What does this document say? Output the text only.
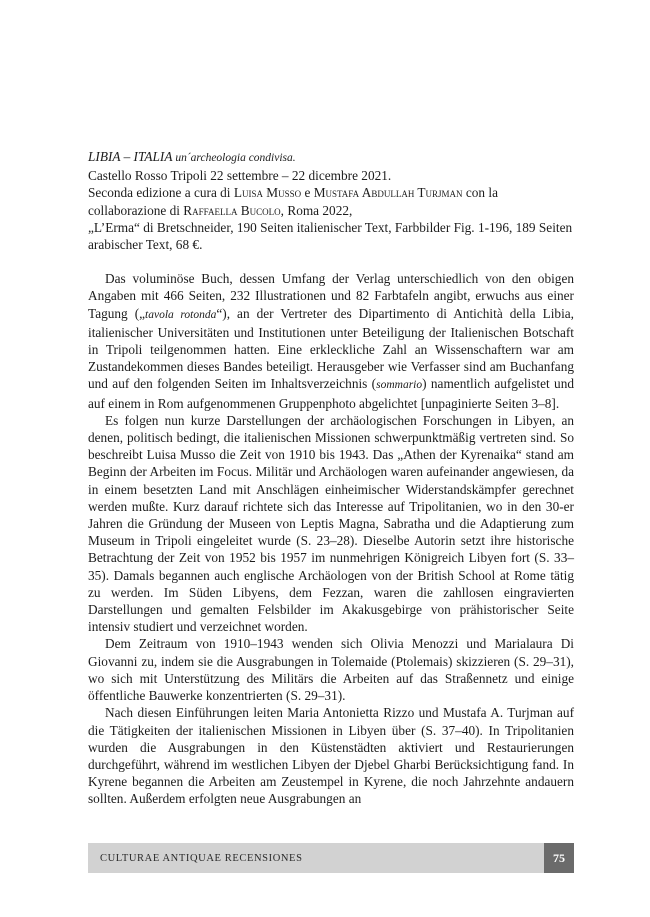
LIBIA – ITALIA un´archeologia condivisa.
Castello Rosso Tripoli 22 settembre – 22 dicembre 2021.
Seconda edizione a cura di Luisa Musso e Mustafa Abdullah Turjman con la collaborazione di Raffaella Bucolo, Roma 2022,
„L’Erma“ di Bretschneider, 190 Seiten italienischer Text, Farbbilder Fig. 1-196, 189 Seiten arabischer Text, 68 €.

Das voluminöse Buch, dessen Umfang der Verlag unterschiedlich von den obigen Angaben mit 466 Seiten, 232 Illustrationen und 82 Farbtafeln angibt, erwuchs aus einer Tagung („tavola rotonda“), an der Vertreter des Dipartimento di Antichità della Libia, italienischer Universitäten und Institutionen unter Beteiligung der Italienischen Botschaft in Tripoli teilgenommen hatten. Eine erkleckliche Zahl an Wissenschaftern war am Zustandekommen dieses Bandes beteiligt. Herausgeber wie Verfasser sind am Buchanfang und auf den folgenden Seiten im Inhaltsverzeichnis (sommario) namentlich aufgelistet und auf einem in Rom aufgenommenen Gruppenphoto abgelichtet [unpaginierte Seiten 3–8].

Es folgen nun kurze Darstellungen der archäologischen Forschungen in Libyen, an denen, politisch bedingt, die italienischen Missionen schwerpunktmäßig vertreten sind. So beschreibt Luisa Musso die Zeit von 1910 bis 1943. Das „Athen der Kyrenaika“ stand am Beginn der Arbeiten im Focus. Militär und Archäologen waren aufeinander angewiesen, da in einem besetzten Land mit Anschlägen einheimischer Widerstandskämpfer gerechnet werden mußte. Kurz darauf richtete sich das Interesse auf Tripolitanien, wo in den 30-er Jahren die Gründung der Museen von Leptis Magna, Sabratha und die Adaptierung zum Museum in Tripoli eingeleitet wurde (S. 23–28). Dieselbe Autorin setzt ihre historische Betrachtung der Zeit von 1952 bis 1957 im nunmehrigen Königreich Libyen fort (S. 33–35). Damals begannen auch englische Archäologen von der British School at Rome tätig zu werden. Im Süden Libyens, dem Fezzan, waren die zahllosen eingravierten Darstellungen und gemalten Felsbilder im Akakusgebirge von prähistorischer Seite intensiv studiert und verzeichnet worden.

Dem Zeitraum von 1910–1943 wenden sich Olivia Menozzi und Marialaura Di Giovanni zu, indem sie die Ausgrabungen in Tolemaide (Ptolemais) skizzieren (S. 29–31), wo sich mit Unterstützung des Militärs die Arbeiten auf das Straßennetz und einige öffentliche Bauwerke konzentrierten (S. 29–31).

Nach diesen Einführungen leiten Maria Antonietta Rizzo und Mustafa A. Turjman auf die Tätigkeiten der italienischen Missionen in Libyen über (S. 37–40). In Tripolitanien wurden die Ausgrabungen in den Küstenstädten aktiviert und Restaurierungen durchgeführt, während im westlichen Libyen der Djebel Gharbi Berücksichtigung fand. In Kyrene begannen die Arbeiten am Zeustempel in Kyrene, die noch Jahrzehnte andauern sollten. Außerdem erfolgten neue Ausgrabungen an

CULTURAE ANTIQUAE RECENSIONES	75
